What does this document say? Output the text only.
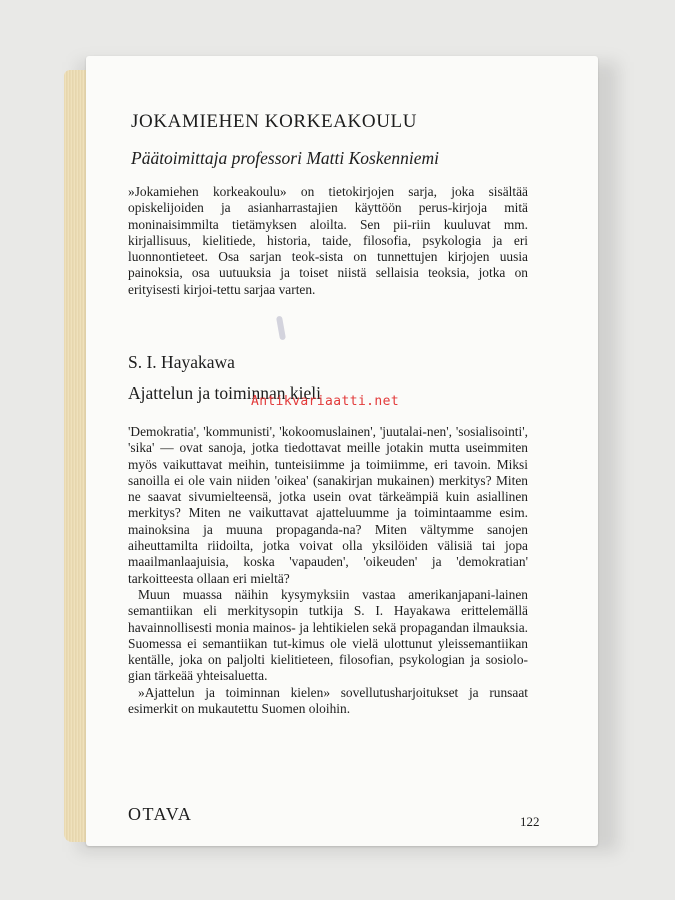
JOKAMIEHEN KORKEAKOULU
Päätoimittaja professori Matti Koskenniemi

»Jokamiehen korkeakoulu» on tietokirjojen sarja, joka sisältää opiskelijoiden ja asianharrastajien käyttöön perus-kirjoja mitä moninaisimmilta tietämyksen aloilta. Sen pii-riin kuuluvat mm. kirjallisuus, kielitiede, historia, taide, filosofia, psykologia ja eri luonnontieteet. Osa sarjan teok-sista on tunnettujen kirjojen uusia painoksia, osa uutuuksia ja toiset niistä sellaisia teoksia, jotka on erityisesti kirjoi-tettu sarjaa varten.

S. I. Hayakawa
Ajattelun ja toiminnan kieli
Antikvariaatti.net

'Demokratia', 'kommunisti', 'kokoomuslainen', 'juutalai-nen', 'sosialisointi', 'sika' — ovat sanoja, jotka tiedottavat meille jotakin mutta useimmiten myös vaikuttavat meihin, tunteisiimme ja toimiimme, eri tavoin. Miksi sanoilla ei ole vain niiden 'oikea' (sanakirjan mukainen) merkitys? Miten ne saavat sivumielteensä, jotka usein ovat tärkeämpiä kuin asiallinen merkitys? Miten ne vaikuttavat ajatteluumme ja toimintaamme esim. mainoksina ja muuna propaganda-na? Miten vältymme sanojen aiheuttamilta riidoilta, jotka voivat olla yksilöiden välisiä tai jopa maailmanlaajuisia, koska 'vapauden', 'oikeuden' ja 'demokratian' tarkoitteesta ollaan eri mieltä?

Muun muassa näihin kysymyksiin vastaa amerikanjapani-lainen semantiikan eli merkitysopin tutkija S. I. Hayakawa erittelemällä havainnollisesti monia mainos- ja lehtikielen sekä propagandan ilmauksia. Suomessa ei semantiikan tut-kimus ole vielä ulottunut yleissemantiikan kentälle, joka on paljolti kielitieteen, filosofian, psykologian ja sosiolo-gian tärkeää yhteisaluetta.

»Ajattelun ja toiminnan kielen» sovellutusharjoitukset ja runsaat esimerkit on mukautettu Suomen oloihin.

OTAVA	122
